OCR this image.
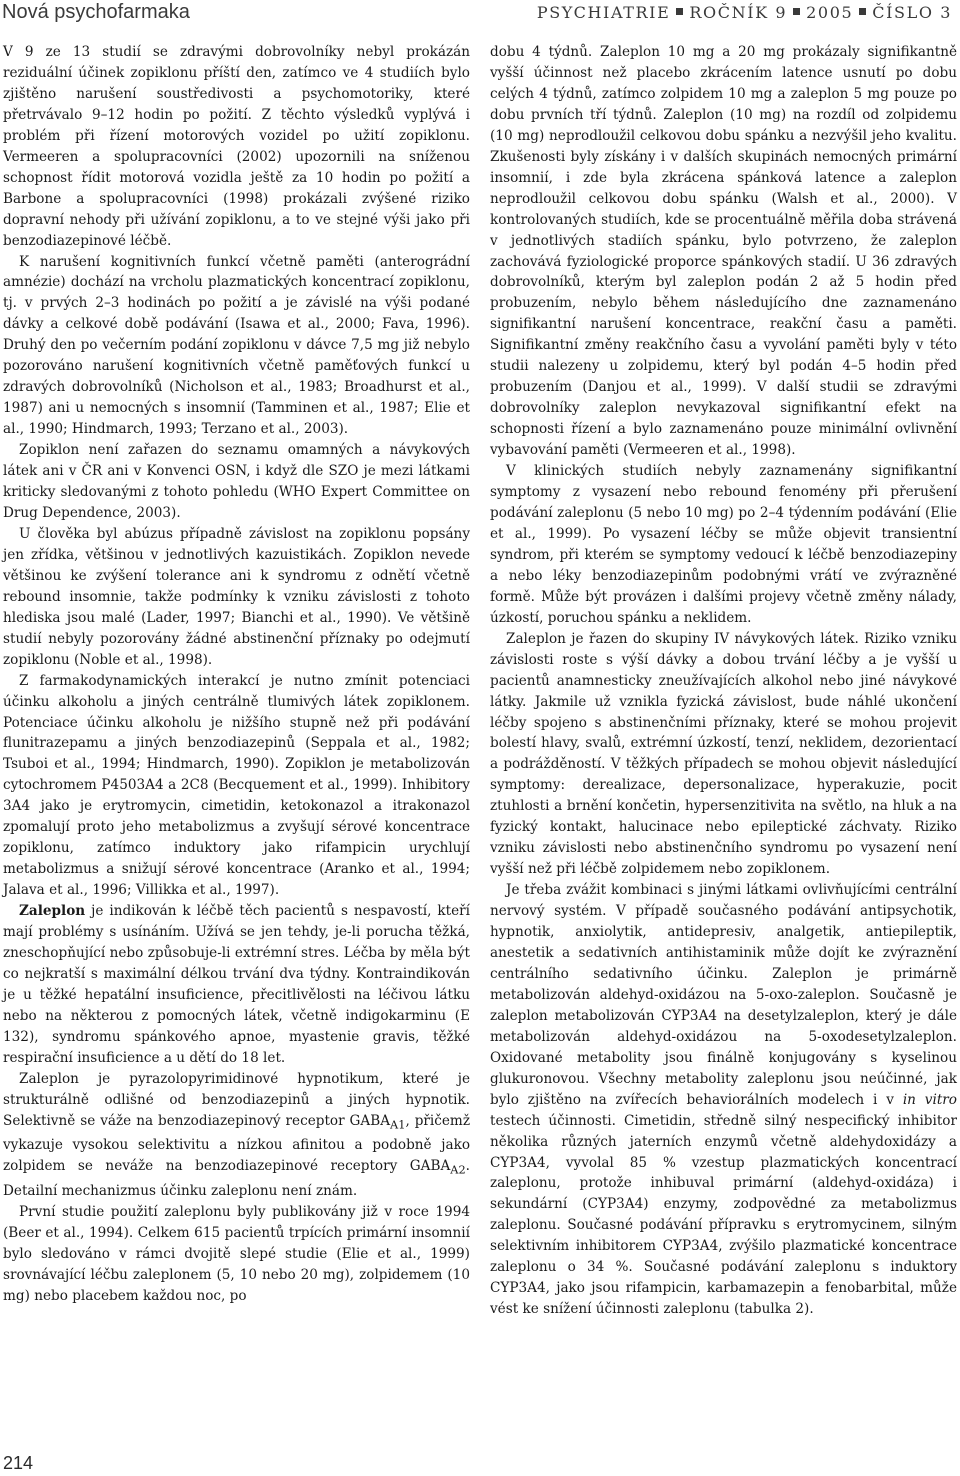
Nová psychofarmaka	PSYCHIATRIE ROČNÍK 9 2005 ČÍSLO 3

V 9 ze 13 studií se zdravými dobrovolníky nebyl prokázán reziduální účinek zopiklonu příští den, zatímco ve 4 studiích bylo zjištěno narušení soustředivosti a psychomotoriky, které přetrvávalo 9–12 hodin po požití. Z těchto výsledků vyplývá i problém při řízení motorových vozidel po užití zopiklonu. Vermeeren a spolupracovníci (2002) upozornili na sníženou schopnost řídit motorová vozidla ještě za 10 hodin po požití a Barbone a spolupracovníci (1998) prokázali zvýšené riziko dopravní nehody při užívání zopiklonu, a to ve stejné výši jako při benzodiazepinové léčbě.

K narušení kognitivních funkcí včetně paměti (anterográdní amnézie) dochází na vrcholu plazmatických koncentrací zopiklonu, tj. v prvých 2–3 hodinách po požití a je závislé na výši podané dávky a celkové době podávání (Isawa et al., 2000; Fava, 1996). Druhý den po večerním podání zopiklonu v dávce 7,5 mg již nebylo pozorováno narušení kognitivních včetně paměťových funkcí u zdravých dobrovolníků (Nicholson et al., 1983; Broadhurst et al., 1987) ani u nemocných s insomnií (Tamminen et al., 1987; Elie et al., 1990; Hindmarch, 1993; Terzano et al., 2003).

Zopiklon není zařazen do seznamu omamných a návykových látek ani v ČR ani v Konvenci OSN, i když dle SZO je mezi látkami kriticky sledovanými z tohoto pohledu (WHO Expert Committee on Drug Dependence, 2003).

U člověka byl abúzus případně závislost na zopiklonu popsány jen zřídka, většinou v jednotlivých kazuistikách. Zopiklon nevede většinou ke zvýšení tolerance ani k syndromu z odnětí včetně rebound insomnie, takže podmínky k vzniku závislosti z tohoto hlediska jsou malé (Lader, 1997; Bianchi et al., 1990). Ve většině studií nebyly pozorovány žádné abstinenční příznaky po odejmutí zopiklonu (Noble et al., 1998).

Z farmakodynamických interakcí je nutno zmínit potenciaci účinku alkoholu a jiných centrálně tlumivých látek zopiklonem. Potenciace účinku alkoholu je nižšího stupně než při podávání flunitrazepamu a jiných benzodiazepinů (Seppala et al., 1982; Tsuboi et al., 1994; Hindmarch, 1990). Zopiklon je metabolizován cytochromem P4503A4 a 2C8 (Becquement et al., 1999). Inhibitory 3A4 jako je erytromycin, cimetidin, ketokonazol a itrakonazol zpomalují proto jeho metabolizmus a zvyšují sérové koncentrace zopiklonu, zatímco induktory jako rifampicin urychlují metabolizmus a snižují sérové koncentrace (Aranko et al., 1994; Jalava et al., 1996; Villikka et al., 1997).

Zaleplon je indikován k léčbě těch pacientů s nespavostí, kteří mají problémy s usínáním. Užívá se jen tehdy, je-li porucha těžká, zneschopňující nebo způsobuje-li extrémní stres. Léčba by měla být co nejkratší s maximální délkou trvání dva týdny. Kontraindikován je u těžké hepatální insuficience, přecitlivělosti na léčivou látku nebo na některou z pomocných látek, včetně indigokarminu (E 132), syndromu spánkového apnoe, myastenie gravis, těžké respirační insuficience a u dětí do 18 let.

Zaleplon je pyrazolopyrimidinové hypnotikum, které je strukturálně odlišné od benzodiazepinů a jiných hypnotik. Selektivně se váže na benzodiazepinový receptor $GABA_{A1}$, přičemž vykazuje vysokou selektivitu a nízkou afinitou a podobně jako zolpidem se neváže na benzodiazepinové receptory $GABA_{A2}$. Detailní mechanizmus účinku zaleplonu není znám.

První studie použití zaleplonu byly publikovány již v roce 1994 (Beer et al., 1994). Celkem 615 pacientů trpících primární insomnií bylo sledováno v rámci dvojitě slepé studie (Elie et al., 1999) srovnávající léčbu zaleplonem (5, 10 nebo 20 mg), zolpidemem (10 mg) nebo placebem každou noc, po

dobu 4 týdnů. Zaleplon 10 mg a 20 mg prokázaly signifikantně vyšší účinnost než placebo zkrácením latence usnutí po dobu celých 4 týdnů, zatímco zolpidem 10 mg a zaleplon 5 mg pouze po dobu prvních tří týdnů. Zaleplon (10 mg) na rozdíl od zolpidemu (10 mg) neprodloužil celkovou dobu spánku a nezvýšil jeho kvalitu. Zkušenosti byly získány i v dalších skupinách nemocných primární insomnií, i zde byla zkrácena spánková latence a zaleplon neprodloužil celkovou dobu spánku (Walsh et al., 2000). V kontrolovaných studiích, kde se procentuálně měřila doba strávená v jednotlivých stadiích spánku, bylo potvrzeno, že zaleplon zachovává fyziologické proporce spánkových stadií. U 36 zdravých dobrovolníků, kterým byl zaleplon podán 2 až 5 hodin před probuzením, nebylo během následujícího dne zaznamenáno signifikantní narušení koncentrace, reakční času a paměti. Signifikantní změny reakčního času a vyvolání paměti byly v této studii nalezeny u zolpidemu, který byl podán 4–5 hodin před probuzením (Danjou et al., 1999). V další studii se zdravými dobrovolníky zaleplon nevykazoval signifikantní efekt na schopnosti řízení a bylo zaznamenáno pouze minimální ovlivnění vybavování paměti (Vermeeren et al., 1998).

V klinických studiích nebyly zaznamenány signifikantní symptomy z vysazení nebo rebound fenomény při přerušení podávání zaleplonu (5 nebo 10 mg) po 2–4 týdenním podávání (Elie et al., 1999). Po vysazení léčby se může objevit transientní syndrom, při kterém se symptomy vedoucí k léčbě benzodiazepiny a nebo léky benzodiazepinům podobnými vrátí ve zvýrazněné formě. Může být provázen i dalšími projevy včetně změny nálady, úzkostí, poruchou spánku a neklidem.

Zaleplon je řazen do skupiny IV návykových látek. Riziko vzniku závislosti roste s výší dávky a dobou trvání léčby a je vyšší u pacientů anamnesticky zneužívajících alkohol nebo jiné návykové látky. Jakmile už vznikla fyzická závislost, bude náhlé ukončení léčby spojeno s abstinenčními příznaky, které se mohou projevit bolestí hlavy, svalů, extrémní úzkostí, tenzí, neklidem, dezorientací a podrážděností. V těžkých případech se mohou objevit následující symptomy: derealizace, depersonalizace, hyperakuzie, pocit ztuhlosti a brnění končetin, hypersenzitivita na světlo, na hluk a na fyzický kontakt, halucinace nebo epileptické záchvaty. Riziko vzniku závislosti nebo abstinenčního syndromu po vysazení není vyšší než při léčbě zolpidemem nebo zopiklonem.

Je třeba zvážit kombinaci s jinými látkami ovlivňujícími centrální nervový systém. V případě současného podávání antipsychotik, hypnotik, anxiolytik, antidepresiv, analgetik, antiepileptik, anestetik a sedativních antihistaminik může dojít ke zvýraznění centrálního sedativního účinku. Zaleplon je primárně metabolizován aldehyd-oxidázou na 5-oxo-zaleplon. Současně je zaleplon metabolizován CYP3A4 na desetylzaleplon, který je dále metabolizován aldehyd-oxidázou na 5-oxodesetylzaleplon. Oxidované metabolity jsou finálně konjugovány s kyselinou glukuronovou. Všechny metabolity zaleplonu jsou neúčinné, jak bylo zjištěno na zvířecích behaviorálních modelech i v in vitro testech účinnosti. Cimetidin, středně silný nespecifický inhibitor několika různých jaterních enzymů včetně aldehydoxidázy a CYP3A4, vyvolal 85 % vzestup plazmatických koncentrací zaleplonu, protože inhibuval primární (aldehyd-oxidáza) i sekundární (CYP3A4) enzymy, zodpovědné za metabolizmus zaleplonu. Současné podávání přípravku s erytromycinem, silným selektivním inhibitorem CYP3A4, zvýšilo plazmatické koncentrace zaleplonu o 34 %. Současné podávání zaleplonu s induktory CYP3A4, jako jsou rifampicin, karbamazepin a fenobarbital, může vést ke snížení účinnosti zaleplonu (tabulka 2).

214
